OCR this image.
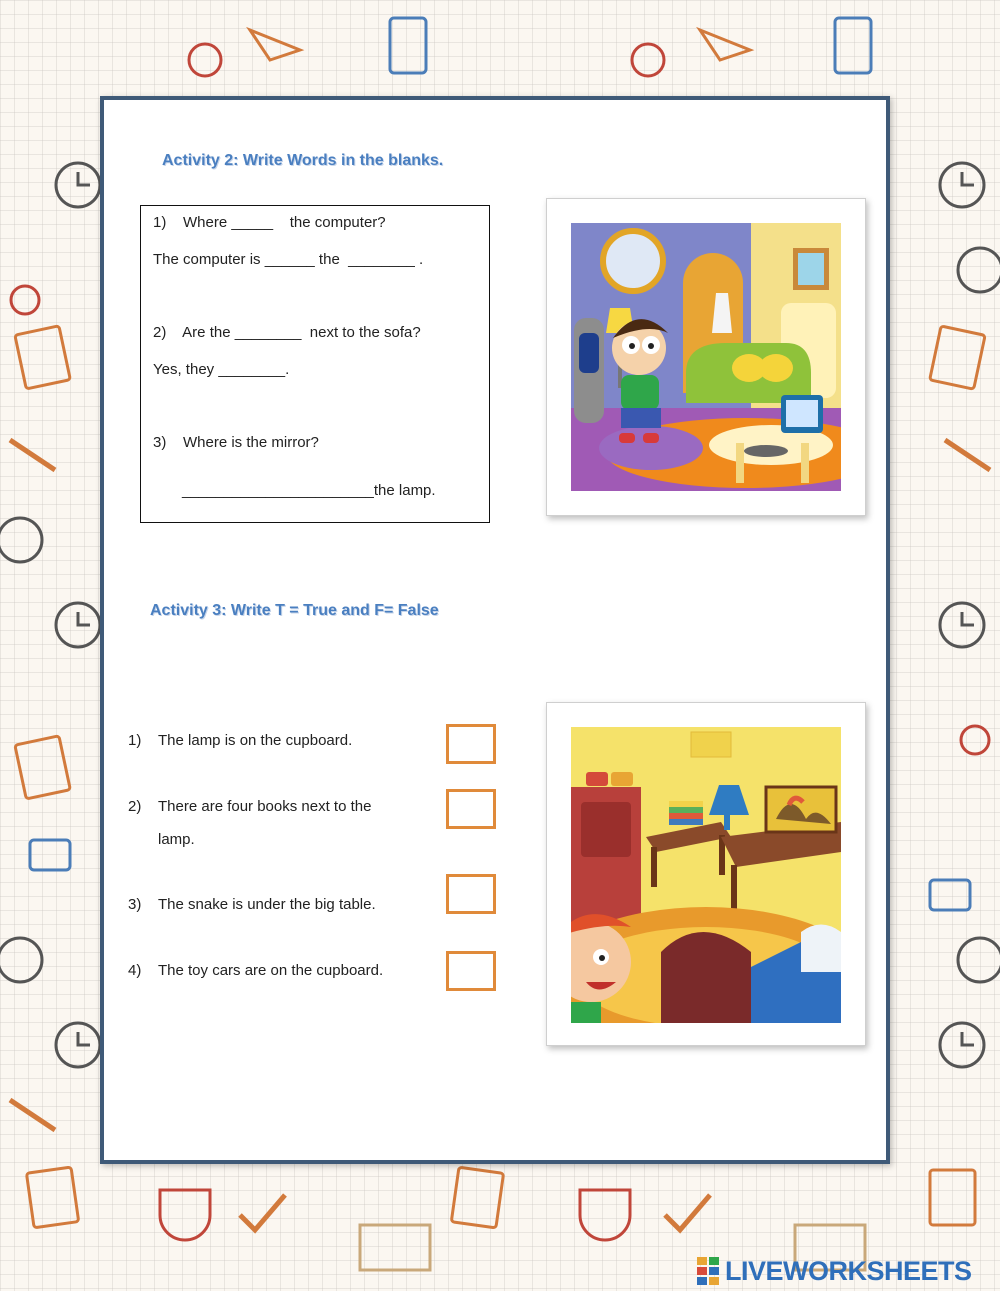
Activity 2: Write Words in the blanks.
1)    Where _____    the computer?
The computer is ______ the  ________ .
2)    Are the ________  next to the sofa?
Yes, they ________.
3)    Where is the mirror?
_______________________the lamp.
Activity 3: Write T = True and F= False
1) The lamp is on the cupboard.
2) There are four books next to the
lamp.
3) The snake is under the big table.
4) The toy cars are on the cupboard.
LIVEWORKSHEETS
